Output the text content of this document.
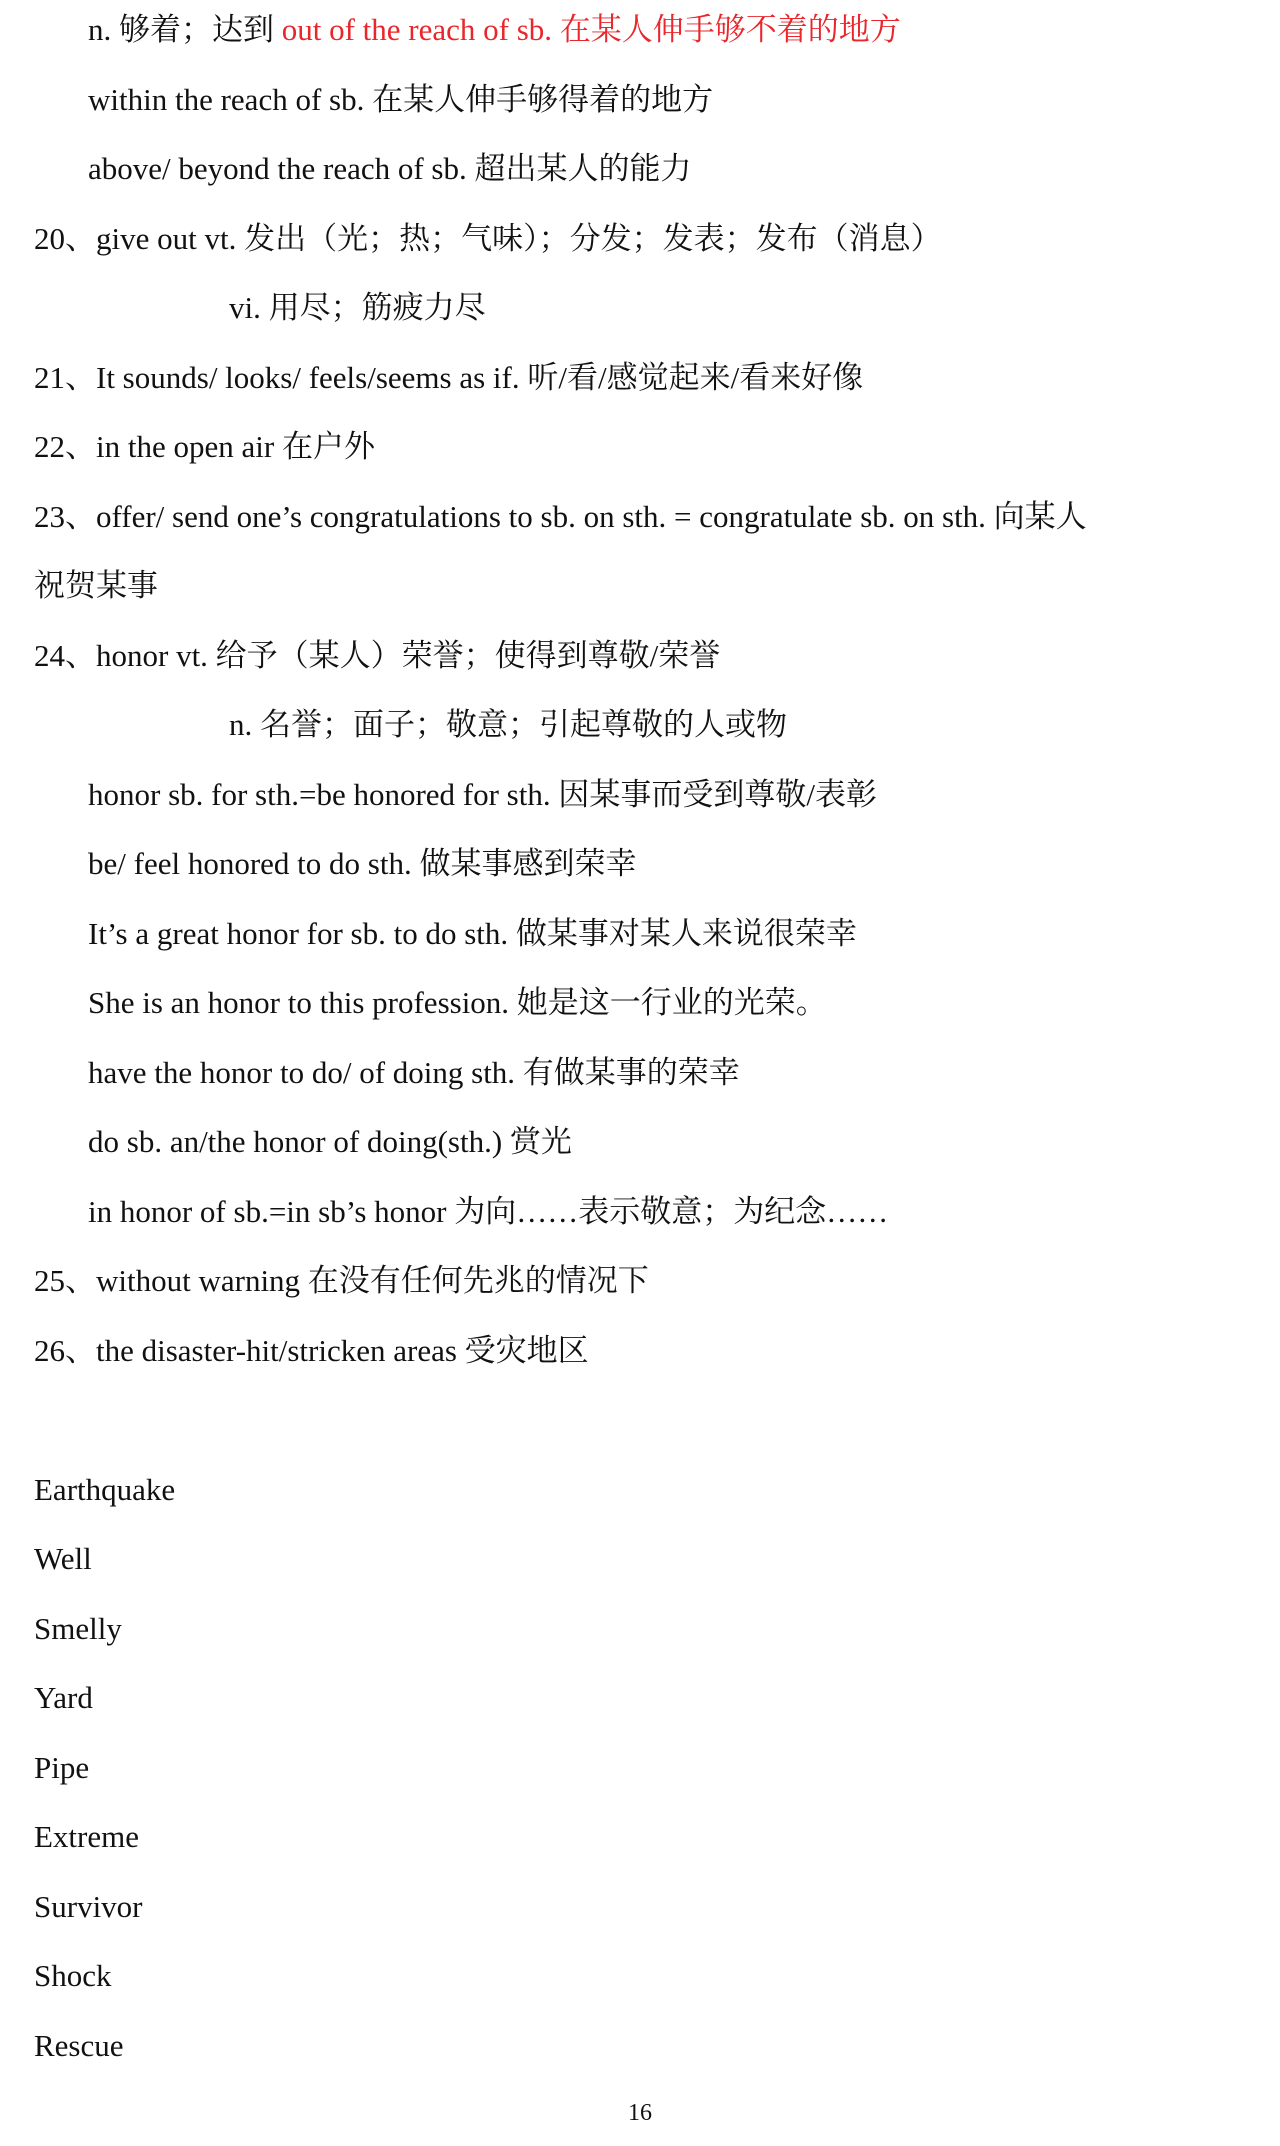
n. 够着；达到 out of the reach of sb. 在某人伸手够不着的地方
within the reach of sb. 在某人伸手够得着的地方
above/ beyond the reach of sb. 超出某人的能力
20、give out vt. 发出（光；热；气味）；分发；发表；发布（消息）
vi. 用尽；筋疲力尽
21、It sounds/ looks/ feels/seems as if. 听/看/感觉起来/看来好像
22、in the open air 在户外
23、offer/ send one’s congratulations to sb. on sth. = congratulate sb. on sth. 向某人
祝贺某事
24、honor vt. 给予（某人）荣誉；使得到尊敬/荣誉
n. 名誉；面子；敬意；引起尊敬的人或物
honor sb. for sth.=be honored for sth. 因某事而受到尊敬/表彰
be/ feel honored to do sth. 做某事感到荣幸
It’s a great honor for sb. to do sth. 做某事对某人来说很荣幸
She is an honor to this profession. 她是这一行业的光荣。
have the honor to do/ of doing sth. 有做某事的荣幸
do sb. an/the honor of doing(sth.) 赏光
in honor of sb.=in sb’s honor 为向……表示敬意；为纪念……
25、without warning 在没有任何先兆的情况下
26、the disaster-hit/stricken areas 受灾地区
Earthquake
Well
Smelly
Yard
Pipe
Extreme
Survivor
Shock
Rescue
16
